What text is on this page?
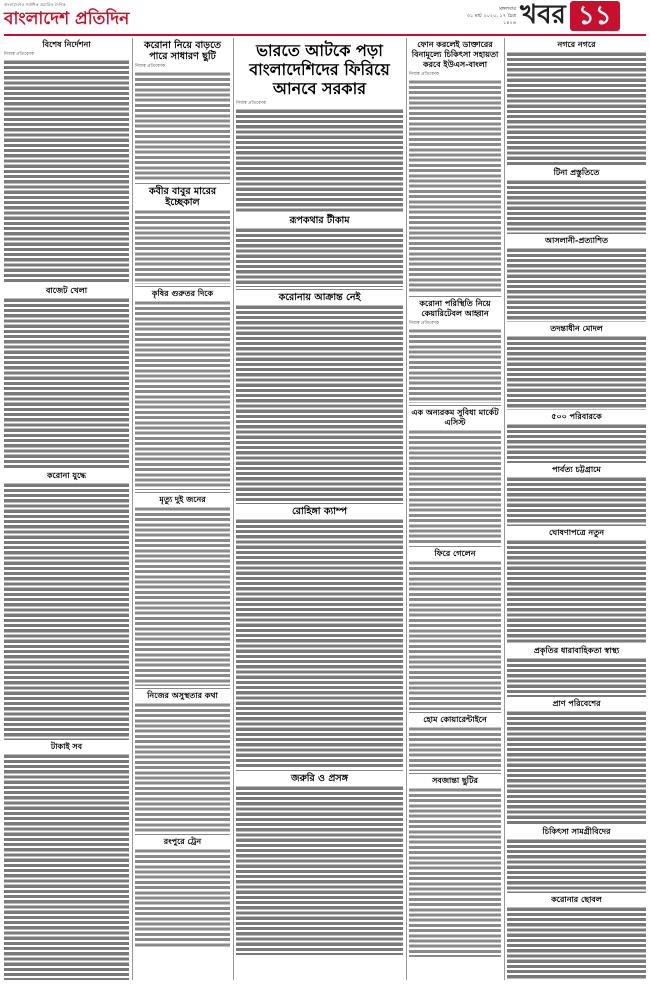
বাংলাদেশের সর্বাধিক প্রচারিত দৈনিক
বাংলাদেশ প্রতিদিন	মঙ্গলবার
৩১ মার্চ ২০২০, ১৭ চৈত্র ১৪২৬ খবর ১১
বিশেষ নির্দেশনা
নিজস্ব প্রতিবেদক
বাজেট খেলা
করোনা যুদ্ধে
টাকাই সব
করোনা নিয়ে বাড়তে পারে সাধারণ ছুটি
নিজস্ব প্রতিবেদক
কবীর বাবুর মারের ইচ্ছেকাল
কৃষির গুরুতর দিকে
মৃত্যু দুই জনের
নিজের অসুস্থতার কথা
রংপুরে ট্রেন
ভারতে আটকে পড়া বাংলাদেশিদের ফিরিয়ে আনবে সরকার
নিজস্ব প্রতিবেদক
রূপকথার টীকাম
করোনায় আক্রান্ত নেই
রোহিঙ্গা ক্যাম্প
জরুরি ও প্রসঙ্গ
ফোন করলেই ডাক্তারের বিনামূল্যে চিকিৎসা সহায়তা করবে ইউএস-বাংলা
নিজস্ব প্রতিবেদক
করোনা পরিস্থিতি নিয়ে কেয়ারিটেবল আহ্বান
নিজস্ব প্রতিবেদক
এক অন্যরকম সুবিধা মার্কেট এসিস্ট
ফিরে গেলেন
হোম কোয়ারেন্টাইনে
সবজান্তা ছুটির
নগরে নগরে
টিনা প্রস্তুতিতে
আসলানী-প্রত্যাশিত
তদন্তাধীন মোদল
৫০০ পরিবারকে
পার্বত্য চট্টগ্রামে
ঘোষণাপত্রে নতুন
প্রকৃতির ধারাবাহিকতা স্বাস্থ্য
প্রাণ পরিবেশের
চিকিৎসা সামগ্রীবিদের
করোনার ছোবল
